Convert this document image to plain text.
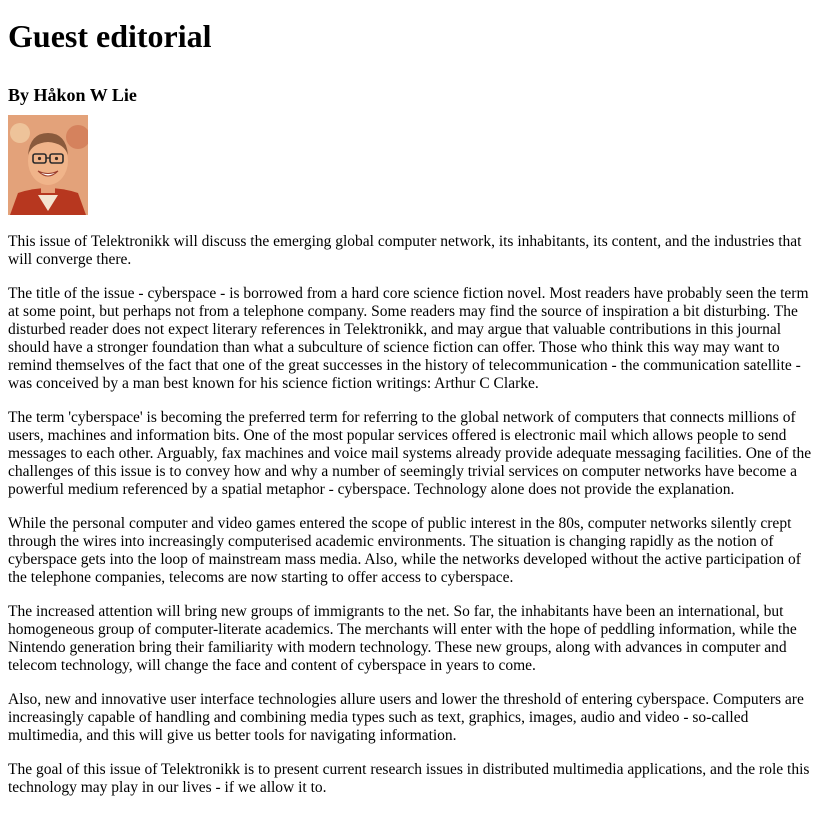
Guest editorial
By Håkon W Lie

This issue of Telektronikk will discuss the emerging global computer network, its inhabitants, its content, and the industries that will converge there.

The title of the issue - cyberspace - is borrowed from a hard core science fiction novel. Most readers have probably seen the term at some point, but perhaps not from a telephone company. Some readers may find the source of inspiration a bit disturbing. The disturbed reader does not expect literary references in Telektronikk, and may argue that valuable contributions in this journal should have a stronger foundation than what a subculture of science fiction can offer. Those who think this way may want to remind themselves of the fact that one of the great successes in the history of telecommunication - the communication satellite - was conceived by a man best known for his science fiction writings: Arthur C Clarke.

The term 'cyberspace' is becoming the preferred term for referring to the global network of computers that connects millions of users, machines and information bits. One of the most popular services offered is electronic mail which allows people to send messages to each other. Arguably, fax machines and voice mail systems already provide adequate messaging facilities. One of the challenges of this issue is to convey how and why a number of seemingly trivial services on computer networks have become a powerful medium referenced by a spatial metaphor - cyberspace. Technology alone does not provide the explanation.

While the personal computer and video games entered the scope of public interest in the 80s, computer networks silently crept through the wires into increasingly computerised academic environments. The situation is changing rapidly as the notion of cyberspace gets into the loop of mainstream mass media. Also, while the networks developed without the active participation of the telephone companies, telecoms are now starting to offer access to cyberspace.

The increased attention will bring new groups of immigrants to the net. So far, the inhabitants have been an international, but homogeneous group of computer-literate academics. The merchants will enter with the hope of peddling information, while the Nintendo generation bring their familiarity with modern technology. These new groups, along with advances in computer and telecom technology, will change the face and content of cyberspace in years to come.

Also, new and innovative user interface technologies allure users and lower the threshold of entering cyberspace. Computers are increasingly capable of handling and combining media types such as text, graphics, images, audio and video - so-called multimedia, and this will give us better tools for navigating information.

The goal of this issue of Telektronikk is to present current research issues in distributed multimedia applications, and the role this technology may play in our lives - if we allow it to.
